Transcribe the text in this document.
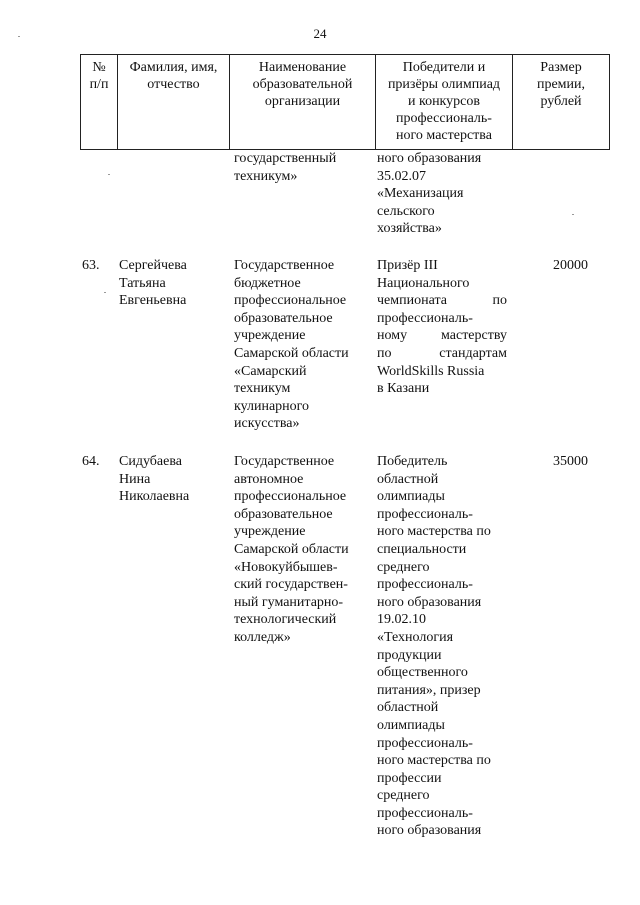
24
№
п/п
Фамилия, имя,
отчество
Наименование
образовательной
организации
Победители и
призёры олимпиад
и конкурсов
профессиональ-
ного мастерства
Размер
премии,
рублей
государственный
техникум»
ного образования
35.02.07
«Механизация
сельского
хозяйства»
63. Сергейчева
Татьяна
Евгеньевна
Государственное
бюджетное
профессиональное
образовательное
учреждение
Самарской области
«Самарский
техникум
кулинарного
искусства»
Призёр III
Национального
чемпионата	по
профессиональ-
ному мастерству
по	стандартам
WorldSkills Russia
в Казани
20000
64. Сидубаева
Нина
Николаевна
Государственное
автономное
профессиональное
образовательное
учреждение
Самарской области
«Новокуйбышев-
ский государствен-
ный гуманитарно-
технологический
колледж»
Победитель
областной
олимпиады
профессиональ-
ного мастерства по
специальности
среднего
профессиональ-
ного образования
19.02.10
«Технология
продукции
общественного
питания», призер
областной
олимпиады
профессиональ-
ного мастерства по
профессии
среднего
профессиональ-
ного образования
35000
